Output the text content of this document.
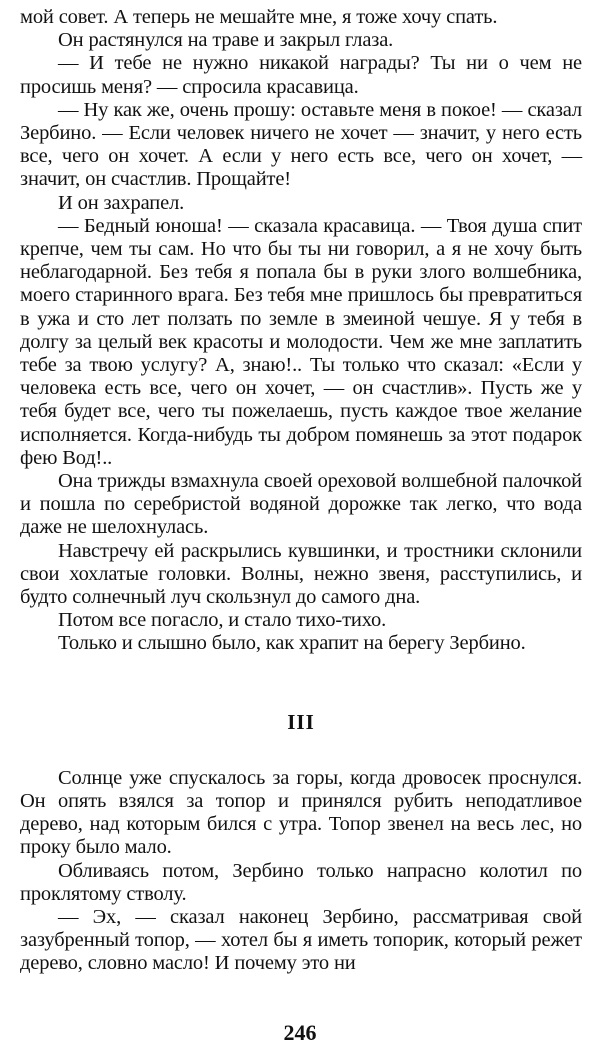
мой совет. А теперь не мешайте мне, я тоже хочу спать.

Он растянулся на траве и закрыл глаза.

— И тебе не нужно никакой награды? Ты ни о чем не просишь меня? — спросила красавица.

— Ну как же, очень прошу: оставьте меня в покое! — сказал Зербино. — Если человек ничего не хочет — значит, у него есть все, чего он хочет. А если у него есть все, чего он хочет, — значит, он счастлив. Прощайте!

И он захрапел.

— Бедный юноша! — сказала красавица. — Твоя душа спит крепче, чем ты сам. Но что бы ты ни говорил, а я не хочу быть неблагодарной. Без тебя я попала бы в руки злого волшебника, моего старинного врага. Без тебя мне пришлось бы превратиться в ужа и сто лет ползать по земле в змеиной чешуе. Я у тебя в долгу за целый век красоты и молодости. Чем же мне заплатить тебе за твою услугу? А, знаю!.. Ты только что сказал: «Если у человека есть все, чего он хочет, — он счастлив». Пусть же у тебя будет все, чего ты пожелаешь, пусть каждое твое желание исполняется. Когда-нибудь ты добром помянешь за этот подарок фею Вод!..

Она трижды взмахнула своей ореховой волшебной палочкой и пошла по серебристой водяной дорожке так легко, что вода даже не шелохнулась.

Навстречу ей раскрылись кувшинки, и тростники склонили свои хохлатые головки. Волны, нежно звеня, расступились, и будто солнечный луч скользнул до самого дна.

Потом все погасло, и стало тихо-тихо.

Только и слышно было, как храпит на берегу Зербино.

III

Солнце уже спускалось за горы, когда дровосек проснулся. Он опять взялся за топор и принялся рубить неподатливое дерево, над которым бился с утра. Топор звенел на весь лес, но проку было мало.

Обливаясь потом, Зербино только напрасно колотил по проклятому стволу.

— Эх, — сказал наконец Зербино, рассматривая свой зазубренный топор, — хотел бы я иметь топорик, который режет дерево, словно масло! И почему это ни

246
